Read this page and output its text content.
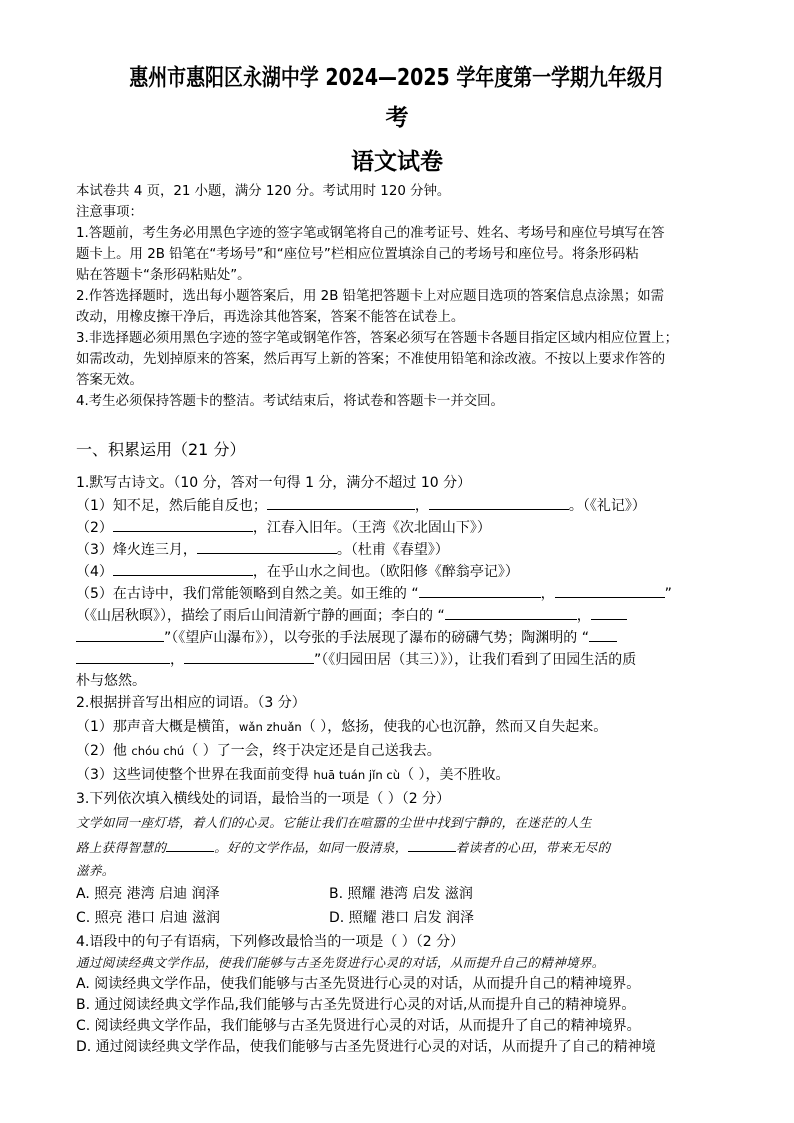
惠州市惠阳区永湖中学 2024—2025 学年度第一学期九年级月
考
语文试卷
本试卷共 4 页，21 小题，满分 120 分。考试用时 120 分钟。
注意事项：
1.答题前，考生务必用黑色字迹的签字笔或钢笔将自己的准考证号、姓名、考场号和座位号填写在答
题卡上。用 2B 铅笔在“考场号”和“座位号”栏相应位置填涂自己的考场号和座位号。将条形码粘
贴在答题卡“条形码粘贴处”。
2.作答选择题时，选出每小题答案后，用 2B 铅笔把答题卡上对应题目选项的答案信息点涂黑；如需
改动，用橡皮擦干净后，再选涂其他答案，答案不能答在试卷上。
3.非选择题必须用黑色字迹的签字笔或钢笔作答，答案必须写在答题卡各题目指定区域内相应位置上；
如需改动，先划掉原来的答案，然后再写上新的答案；不准使用铅笔和涂改液。不按以上要求作答的
答案无效。
4.考生必须保持答题卡的整洁。考试结束后，将试卷和答题卡一并交回。
一、积累运用（21 分）
1.默写古诗文。（10 分，答对一句得 1 分，满分不超过 10 分）
（1）知不足，然后能自反也；	，	。（《礼记》）
（2）	，江春入旧年。（王湾《次北固山下》）
（3）烽火连三月，	。（杜甫《春望》）
（4）	，在乎山水之间也。（欧阳修《醉翁亭记》）
（5）在古诗中，我们常能领略到自然之美。如王维的 “	，	”
（《山居秋暝》），描绘了雨后山间清新宁静的画面；李白的 “	，
”（《望庐山瀑布》），以夸张的手法展现了瀑布的磅礴气势；陶渊明的 “
，	”（《归园田居（其三）》），让我们看到了田园生活的质
朴与悠然。
2.根据拼音写出相应的词语。（3 分）
（1）那声音大概是横笛，wǎn zhuǎn（ ），悠扬，使我的心也沉静，然而又自失起来。
（2）他 chóu chú（ ）了一会，终于决定还是自己送我去。
（3）这些词使整个世界在我面前变得 huā tuán jǐn cù（ ），美不胜收。
3.下列依次填入横线处的词语，最恰当的一项是（ ）（2 分）
文学如同一座灯塔，着人们的心灵。它能让我们在喧嚣的尘世中找到宁静的，在迷茫的人生
路上获得智慧的	。好的文学作品，如同一股清泉，	着读者的心田，带来无尽的
滋养。
A. 照亮 港湾 启迪 润泽	B. 照耀 港湾 启发 滋润
C. 照亮 港口 启迪 滋润	D. 照耀 港口 启发 润泽
4.语段中的句子有语病，下列修改最恰当的一项是（ ）（2 分）
通过阅读经典文学作品，使我们能够与古圣先贤进行心灵的对话，从而提升自己的精神境界。
A. 阅读经典文学作品，使我们能够与古圣先贤进行心灵的对话，从而提升自己的精神境界。
B. 通过阅读经典文学作品,我们能够与古圣先贤进行心灵的对话,从而提升自己的精神境界。
C. 阅读经典文学作品，我们能够与古圣先贤进行心灵的对话，从而提升了自己的精神境界。
D. 通过阅读经典文学作品，使我们能够与古圣先贤进行心灵的对话，从而提升了自己的精神境
